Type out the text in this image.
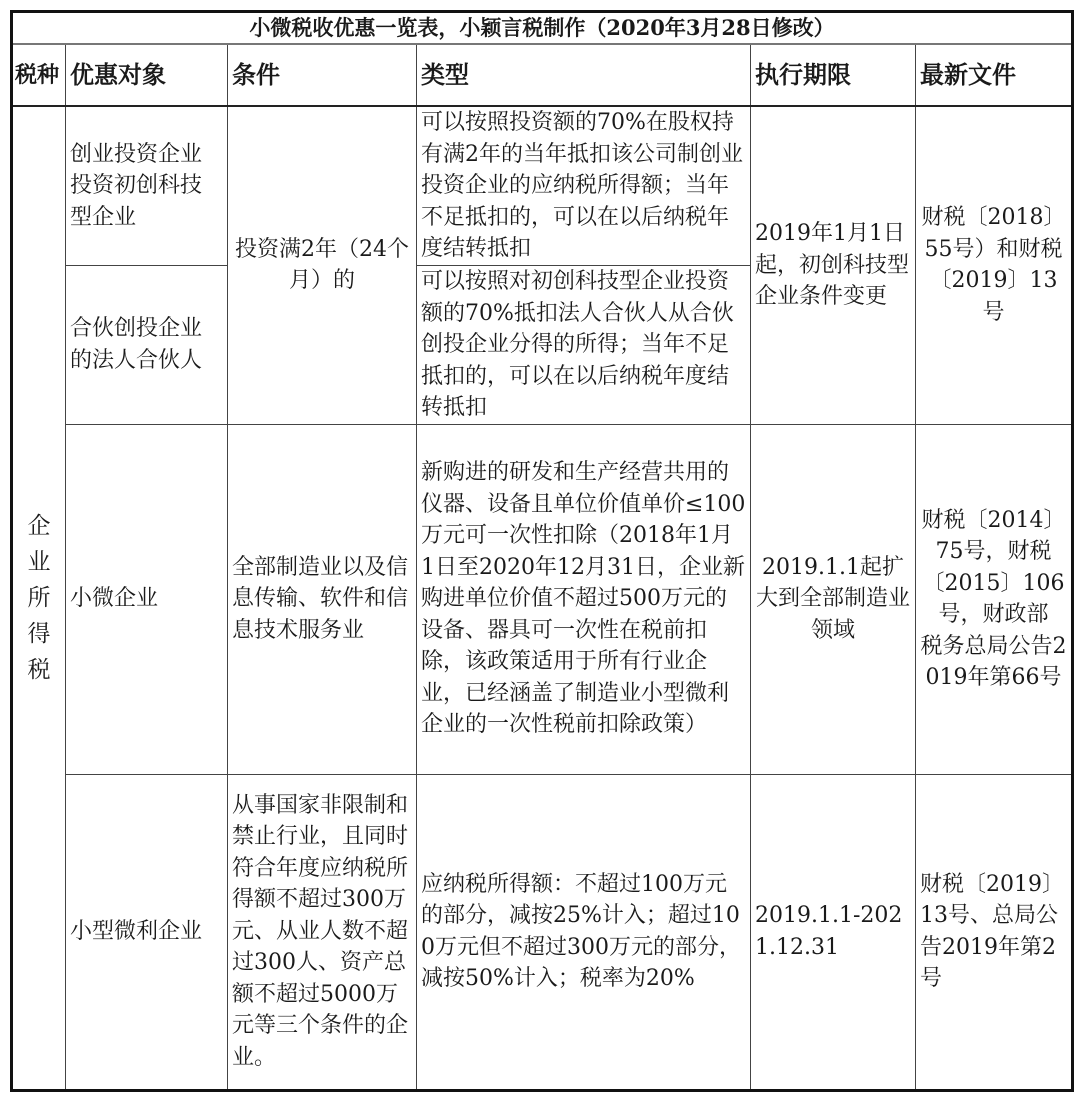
小微税收优惠一览表，小颖言税制作（2020年3月28日修改）					
税种	优惠对象	条件	类型	执行期限	最新文件
企业所得税	创业投资企业投资初创科技型企业	投资满2年（24个月）的	可以按照投资额的70%在股权持有满2年的当年抵扣该公司制创业投资企业的应纳税所得额；当年不足抵扣的，可以在以后纳税年度结转抵扣	2019年1月1日起，初创科技型企业条件变更	财税〔2018〕55号）和财税〔2019〕13号
	合伙创投企业的法人合伙人		可以按照对初创科技型企业投资额的70%抵扣法人合伙人从合伙创投企业分得的所得；当年不足抵扣的，可以在以后纳税年度结转抵扣		
	小微企业	全部制造业以及信息传输、软件和信息技术服务业	新购进的研发和生产经营共用的仪器、设备且单位价值单价≤100万元可一次性扣除（2018年1月1日至2020年12月31日，企业新购进单位价值不超过500万元的设备、器具可一次性在税前扣除，该政策适用于所有行业企业，已经涵盖了制造业小型微利企业的一次性税前扣除政策）	2019.1.1起扩大到全部制造业领域	财税〔2014〕75号，财税〔2015〕106号，财政部　税务总局公告2019年第66号
	小型微利企业	从事国家非限制和禁止行业，且同时符合年度应纳税所得额不超过300万元、从业人数不超过300人、资产总额不超过5000万元等三个条件的企业。	应纳税所得额：不超过100万元的部分，减按25%计入；超过100万元但不超过300万元的部分，减按50%计入；税率为20%	2019.1.1-2021.12.31	财税〔2019〕13号、总局公告2019年第2号
